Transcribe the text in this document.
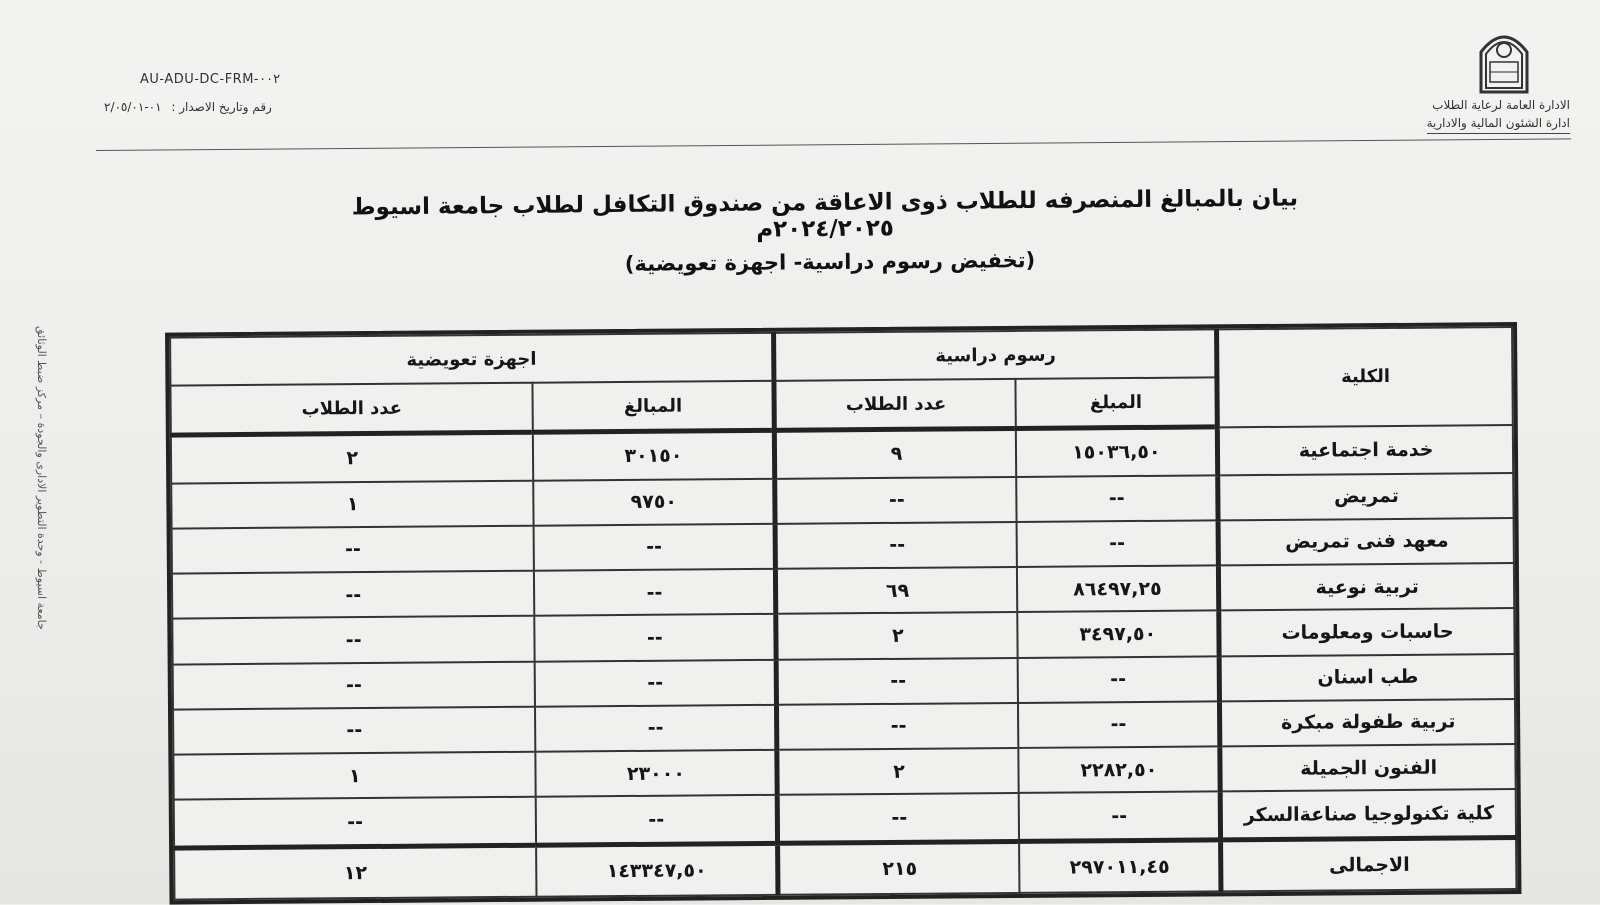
AU-ADU-DC-FRM-٠٠٢
رقم وتاريخ الاصدار : ٠١-٢/٠٥/٠١	الادارة العامة لرعاية الطلاب
ادارة الشئون المالية والادارية
بيان بالمبالغ المنصرفه للطلاب ذوى الاعاقة من صندوق التكافل لطلاب جامعة اسيوط ٢٠٢٤/٢٠٢٥م
(تخفيض رسوم دراسية- اجهزة تعويضية)
جامعة اسيوط - وحدة التطوير الادارى والجودة – مركز ضبط الوثائق	الكلية	رسوم دراسية		اجهزة تعويضية	
	المبلغ	عدد الطلاب	المبالغ	عدد الطلاب
خدمة اجتماعية	١٥٠٣٦,٥٠	٩	٣٠١٥٠	٢
تمريض	--	--	٩٧٥٠	١
معهد فنى تمريض	--	--	--	--
تربية نوعية	٨٦٤٩٧,٢٥	٦٩	--	--
حاسبات ومعلومات	٣٤٩٧,٥٠	٢	--	--
طب اسنان	--	--	--	--
تربية طفولة مبكرة	--	--	--	--
الفنون الجميلة	٢٢٨٢,٥٠	٢	٢٣٠٠٠	١
كلية تكنولوجيا صناعةالسكر	--	--	--	--
الاجمالى	٢٩٧٠١١,٤٥	٢١٥	١٤٣٣٤٧,٥٠	١٢
